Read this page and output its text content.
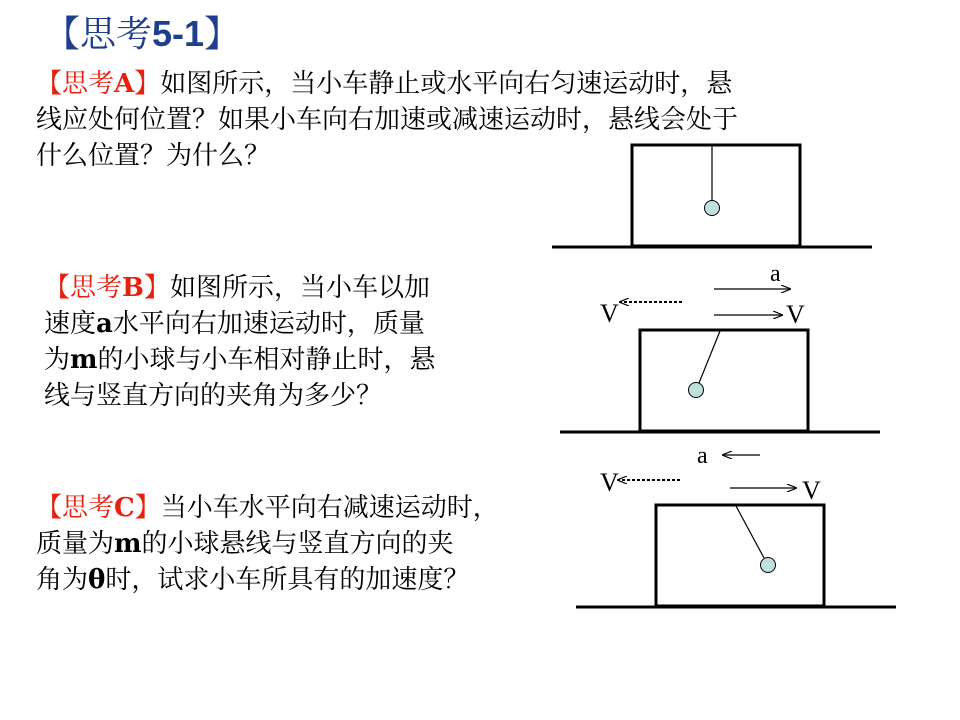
【思考5-1】
【思考A】如图所示，当小车静止或水平向右匀速运动时，悬
线应处何位置？如果小车向右加速或减速运动时，悬线会处于
什么位置？为什么？
【思考B】如图所示，当小车以加
速度a水平向右加速运动时，质量
为m的小球与小车相对静止时，悬
线与竖直方向的夹角为多少？
【思考C】当小车水平向右减速运动时，
质量为m的小球悬线与竖直方向的夹
角为θ时，试求小车所具有的加速度？
a
V	V
a
V	V
